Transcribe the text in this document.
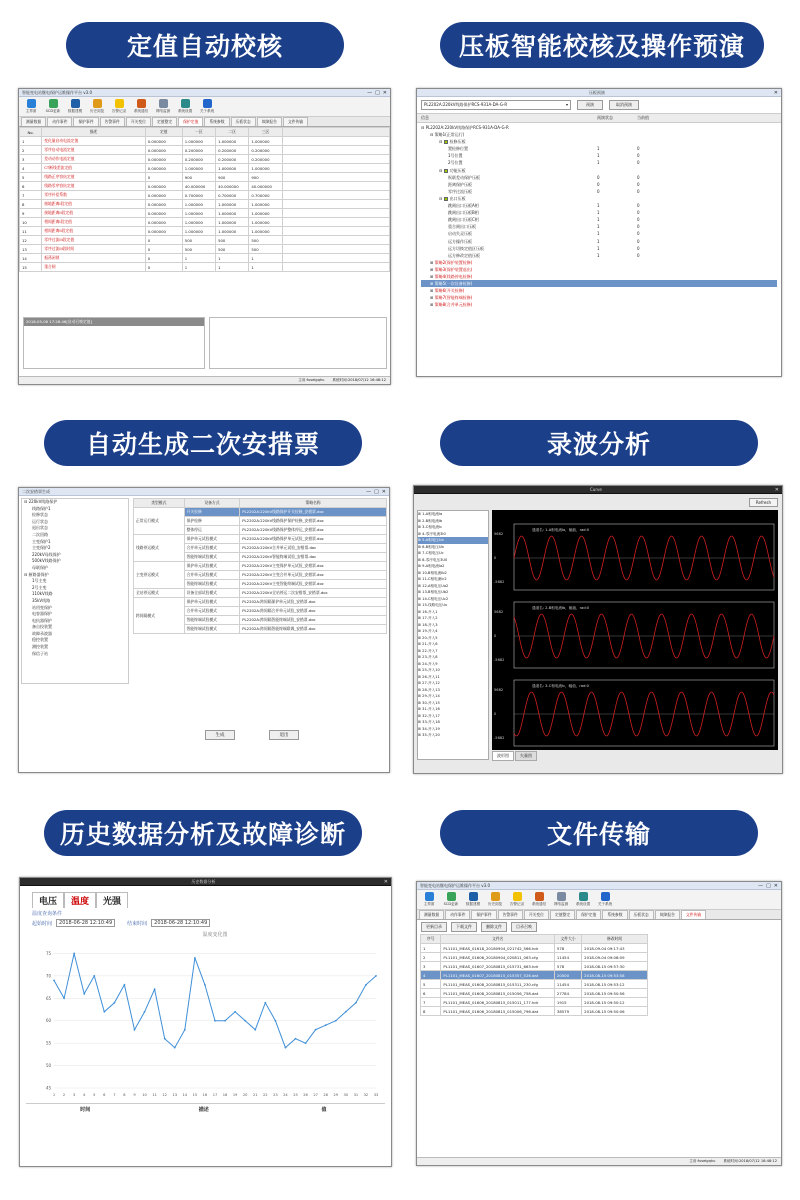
定值自动校核	压板智能校核及操作预演
自动生成二次安措票	录波分析
历史数据分析及故障诊断	文件传输
智能变电站继电保护运维操作平台 v3.0	— □ ✕
主界面	SCD更新 数据建模 历史浏览 告警记录 系统通信 网络监测 系统设置 关于系统
测量数据	动作事件	保护事件	告警事件	开关变位	定值整定	保护定值	系统参数	压板状态	故障报告	文件传输
No.	描述	定值	一区	二区	三区	
1	变化量启动电流定值	0.000000	1.000000	1.000000	1.000000	
2	零序启动电流定值	0.000000	0.200000	0.200000	0.200000	
3	差动动作电流定值	0.000000	0.200000	0.200000	0.200000	
4	CT断线差流定值	0.000000	1.000000	1.000000	1.000000	
5	线路正序容抗定值	0	900	900	900	
6	线路零序容抗定值	0.000000	40.000000	40.000000	40.000000	
7	零序补偿系数	0.000000	0.700000	0.700000	0.700000	
8	接地距离I段定值	0.000000	1.000000	1.000000	1.000000	
9	接地距离II段定值	0.000000	1.000000	1.000000	1.000000	
10	相间距离I段定值	0.000000	1.000000	1.000000	1.000000	
11	相间距离II段定值	0.000000	1.000000	1.000000	1.000000	
12	零序过流III段定值	0	500	500	500	
13	零序过流III段时间	0	500	500	500	
14	振荡闭锁	0	1	1	1	
15	重合闸	0	1	1	1	
2018-05-06 17:28:46[启动召唤定值]
主用:fuseigqhu 系统时间:2018/07/12 16:48:12
压板预演	✕
PL2202A:220kV线路保护RCS-931A-DA-G-R	▾	预演	取消预演
信息	预演状态	当前值
⊟ PL2202A:220kV线路保护RCS-931A-DA-G-R
⊟ 策略1(正常运行)
⊟ 检修压板
置检修位置	1	0
1号位置	1	0
2号位置	1	0
⊟ 功能压板
纵联差动保护压板	0	0
距离保护压板	0	0
零序过流压板	0	0
⊟ 出口压板
跳闸出口压板A相	1	0
跳闸出口压板B相	1	0
跳闸出口压板C相	1	0
重合闸出口压板	1	0
启动失灵压板	1	0
远方操作压板	1	0
远方切换定值区压板	1	0
远方修改定值压板	1	0
⊞ 策略2(保护装置检修)
⊞ 策略3(保护装置退出)
⊞ 策略4(线路停电检修)
⊞ 策略5(一次设备检修)
⊞ 策略6(开关检修)
⊞ 策略7(智能终端检修)
⊞ 策略8(合并单元检修)
二次安措票生成	— □ ✕
⊟ 220kV线路保护
线路保护1
检修状态
运行状态
退出状态
二次回路
主变保护1
主变保护2
220kV母线保护
500kV线路保护
母联保护
⊟ 断路器保护
1号主变
2号主变
110kV线路
35kV线路
站用变保护
电容器保护
电抗器保护
备自投装置
故障录波器
稳控装置
测控装置
保信子站
类型模式	设备方式	策略名称
正常运行模式	开关检修	PL2202A:220kV线路保护开关检修_安措票.doc
	保护检修	PL2202A:220kV线路保护保护检修_安措票.doc
	整体停运	PL2202A:220kV线路保护整体停运_安措票.doc
线路停运模式	保护单元试验模式	PL2202A:220kV线路保护单元试验_安措票.doc
	合并单元试验模式	PL2202A:220kV合并单元试验_安措票.doc
	智能终端试验模式	PL2202A:220kV智能终端试验_安措票.doc
主变停运模式	保护单元试验模式	PL2202A:220kV主变保护单元试验_安措票.doc
	合并单元试验模式	PL2202A:220kV主变合并单元试验_安措票.doc
	智能终端试验模式	PL2202A:220kV主变智能终端试验_安措票.doc
全站停运模式	设备全部试验模式	PL2202A:220kV全站停运二次安措票_安措票.doc
跨间隔模式	保护单元试验模式	PL2202A:跨间隔保护单元试验_安措票.doc
	合并单元试验模式	PL2202A:跨间隔合并单元试验_安措票.doc
	智能终端试验模式	PL2202A:跨间隔智能终端试验_安措票.doc
	智能终端试验模式	PL2202A:跨间隔智能终端联调_安措票.doc
生成	退出
Curve	✕
Refresh
⊞ 1-A相电流Ia
⊞ 2-B相电流Ib
⊞ 3-C相电流Ic
⊞ 4-零序电流3I0
⊞ 5-A相电压Ua
⊞ 6-B相电压Ub
⊞ 7-C相电压Uc
⊞ 8-零序电压3U0
⊞ 9-A相电流Ia2
⊞ 10-B相电流Ib2
⊞ 11-C相电流Ic2
⊞ 12-A相电压Ua2
⊞ 13-B相电压Ub2
⊞ 14-C相电压Uc2
⊞ 15-线路电压Ux
⊞ 16-开入1
⊞ 17-开入2
⊞ 18-开入3
⊞ 19-开入4
⊞ 20-开入5
⊞ 21-开入6
⊞ 22-开入7
⊞ 23-开入8
⊞ 24-开入9
⊞ 25-开入10
⊞ 26-开入11
⊞ 27-开入12
⊞ 28-开入13
⊞ 29-开入14
⊞ 30-开入15
⊞ 31-开入16
⊞ 32-开入17
⊞ 33-开入18
⊞ 34-开入19
⊞ 35-开入20
通道名: 1-A相电流Ia，幅值，rad:0
5682
0
-5682
通道名: 2-B相电流Ib，幅值，rad:0
5682
0
-5682
通道名: 3-C相电流Ic，幅值，rad:0
5682
0
-5682
波形图	矢量图
历史数据分析	✕
电压	温度	光强
温度查询条件
起始时间	2018-06-28 12:10:49	结束时间	2018-06-28 12:10:49
温度变化图
75
70
65
60
55
50
45
1 2 3 4 5 6 7 8 9 10 11 12 13 14 15 16 17 18 19 20 21 22 23 24 25 26 27 28 29 30 31 32 33
时间	描述	值
智能变电站继电保护运维操作平台 v3.0	— □ ✕
主界面	SCD更新 数据建模 历史浏览 告警记录 系统通信 网络监测 系统设置 关于系统
测量数据	动作事件	保护事件	告警事件	开关变位	定值整定	保护定值	系统参数	压板状态	故障报告	文件传输
更新目录	下载文件	删除文件	目录召唤
序号	文件名	文件大小	修改时间
1	PL1101_MEAS_01618_20180904_021742_566.hdr	578	2018-09-04 09:17:43
2	PL1101_MEAS_01606_20180904_020811_063.cfg	11454	2018-09-04 09:08:09
3	PL1101_MEAS_01607_20180815_015731_663.hdr	578	2018-08-15 09:57:30
4	PL1101_MEAS_01607_20180815_015357_526.dat	20000	2018-08-15 09:53:58
5	PL1101_MEAS_01608_20180815_015311_230.cfg	11454	2018-08-15 09:53:12
6	PL1101_MEAS_01608_20180815_015056_758.dat	27784	2018-08-15 09:50:56
7	PL1101_MEAS_01606_20180815_015011_177.hdr	1915	2018-08-15 09:50:12
8	PL1101_MEAS_01606_20180815_015006_796.dat	38579	2018-08-15 09:50:06
主用:fuseigqhu 系统时间:2018/07/12 16:48:12
